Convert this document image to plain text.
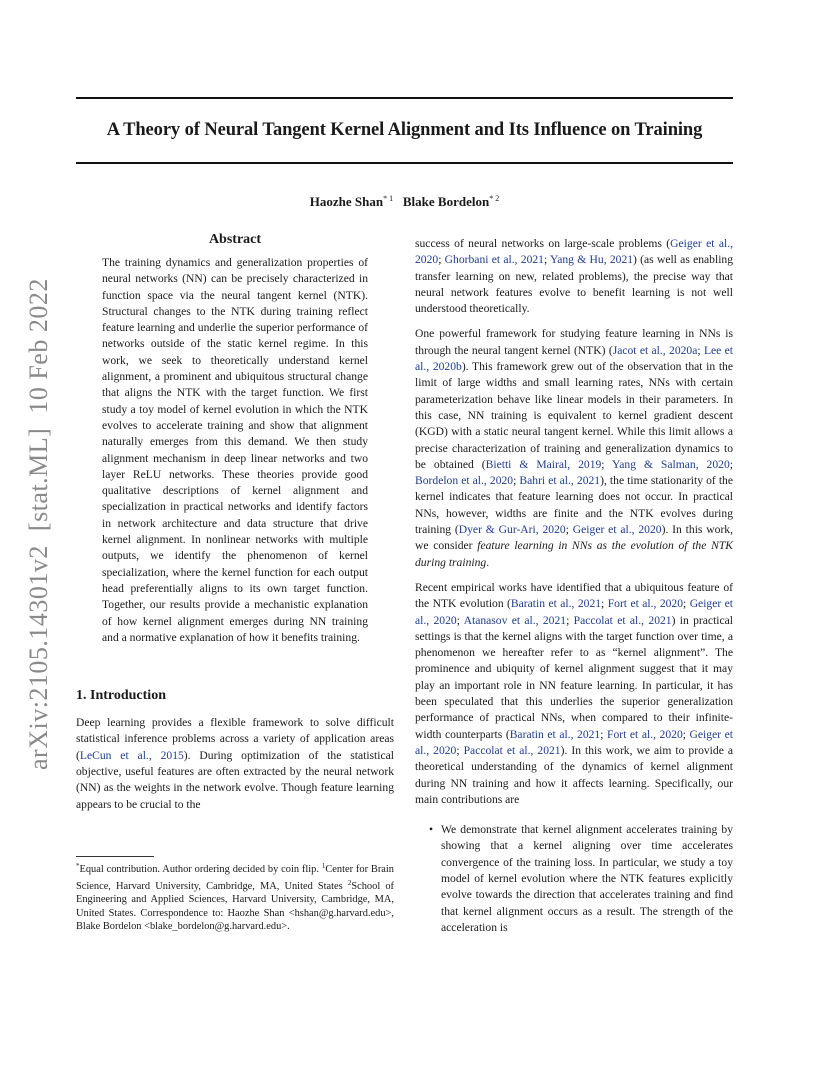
arXiv:2105.14301v2[stat.ML]10 Feb 2022
A Theory of Neural Tangent Kernel Alignment and Its Influence on Training
Haozhe Shan$^{* 1}$ Blake Bordelon$^{* 2}$
Abstract

The training dynamics and generalization properties of neural networks (NN) can be precisely characterized in function space via the neural tangent kernel (NTK). Structural changes to the NTK during training reflect feature learning and underlie the superior performance of networks outside of the static kernel regime. In this work, we seek to theoretically understand kernel alignment, a prominent and ubiquitous structural change that aligns the NTK with the target function. We first study a toy model of kernel evolution in which the NTK evolves to accelerate training and show that alignment naturally emerges from this demand. We then study alignment mechanism in deep linear networks and two layer ReLU networks. These theories provide good qualitative descriptions of kernel alignment and specialization in practical networks and identify factors in network architecture and data structure that drive kernel alignment. In nonlinear networks with multiple outputs, we identify the phenomenon of kernel specialization, where the kernel function for each output head preferentially aligns to its own target function. Together, our results provide a mechanistic explanation of how kernel alignment emerges during NN training and a normative explanation of how it benefits training.

1. Introduction

Deep learning provides a flexible framework to solve difficult statistical inference problems across a variety of application areas (LeCun et al., 2015). During optimization of the statistical objective, useful features are often extracted by the neural network (NN) as the weights in the network evolve. Though feature learning appears to be crucial to the

success of neural networks on large-scale problems (Geiger et al., 2020; Ghorbani et al., 2021; Yang & Hu, 2021) (as well as enabling transfer learning on new, related problems), the precise way that neural network features evolve to benefit learning is not well understood theoretically.

One powerful framework for studying feature learning in NNs is through the neural tangent kernel (NTK) (Jacot et al., 2020a; Lee et al., 2020b). This framework grew out of the observation that in the limit of large widths and small learning rates, NNs with certain parameterization behave like linear models in their parameters. In this case, NN training is equivalent to kernel gradient descent (KGD) with a static neural tangent kernel. While this limit allows a precise characterization of training and generalization dynamics to be obtained (Bietti & Mairal, 2019; Yang & Salman, 2020; Bordelon et al., 2020; Bahri et al., 2021), the time stationarity of the kernel indicates that feature learning does not occur. In practical NNs, however, widths are finite and the NTK evolves during training (Dyer & Gur-Ari, 2020; Geiger et al., 2020). In this work, we consider feature learning in NNs as the evolution of the NTK during training.

Recent empirical works have identified that a ubiquitous feature of the NTK evolution (Baratin et al., 2021; Fort et al., 2020; Geiger et al., 2020; Atanasov et al., 2021; Paccolat et al., 2021) in practical settings is that the kernel aligns with the target function over time, a phenomenon we hereafter refer to as “kernel alignment”. The prominence and ubiquity of kernel alignment suggest that it may play an important role in NN feature learning. In particular, it has been speculated that this underlies the superior generalization performance of practical NNs, when compared to their infinite-width counterparts (Baratin et al., 2021; Fort et al., 2020; Geiger et al., 2020; Paccolat et al., 2021). In this work, we aim to provide a theoretical understanding of the dynamics of kernel alignment during NN training and how it affects learning. Specifically, our main contributions are

• We demonstrate that kernel alignment accelerates training by showing that a kernel aligning over time accelerates convergence of the training loss. In particular, we study a toy model of kernel evolution where the NTK features explicitly evolve towards the direction that accelerates training and find that kernel alignment occurs as a result. The strength of the acceleration is

*Equal contribution. Author ordering decided by coin flip. $^1$Center for Brain Science, Harvard University, Cambridge, MA, United States $^2$School of Engineering and Applied Sciences, Harvard University, Cambridge, MA, United States. Correspondence to: Haozhe Shan <hshan@g.harvard.edu>, Blake Bordelon <blake_bordelon@g.harvard.edu>.
